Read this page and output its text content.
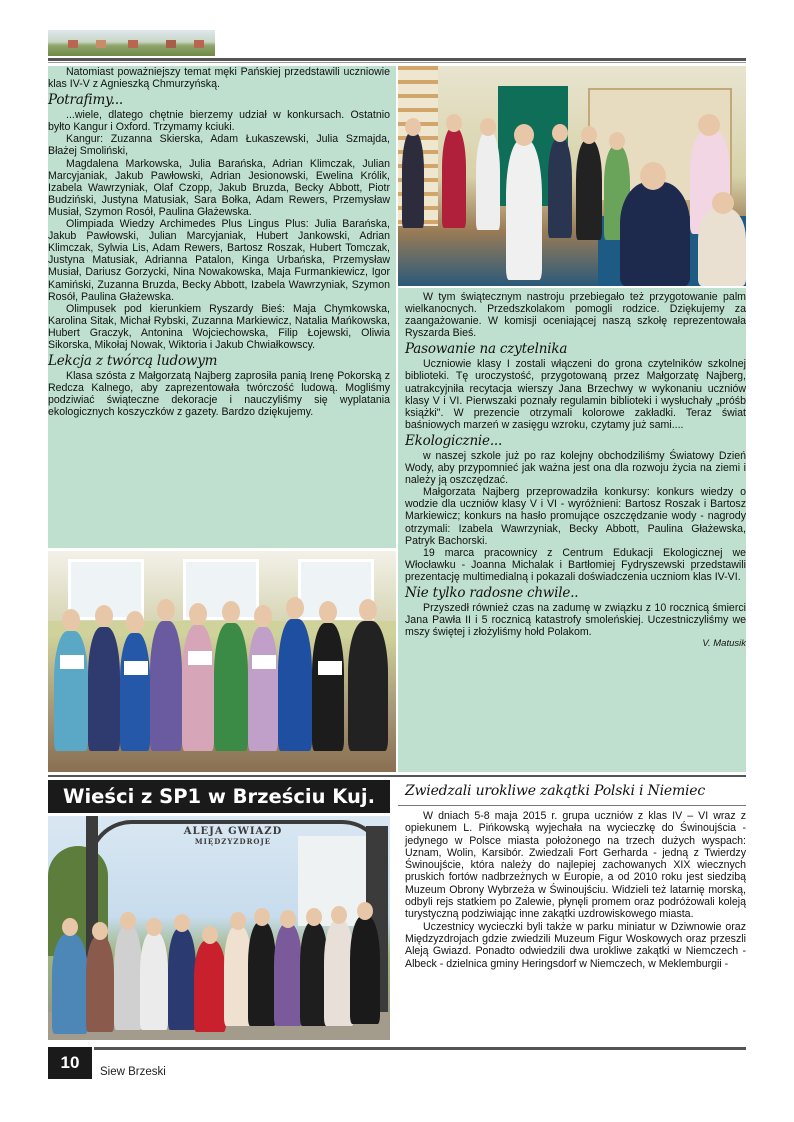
Natomiast poważniejszy temat męki Pańskiej przedstawili uczniowie klas IV-V z Agnieszką Chmurzyńską.

Potrafimy...

...wiele, dlatego chętnie bierzemy udział w konkursach. Ostatnio byłto Kangur i Oxford. Trzymamy kciuki.

Kangur: Zuzanna Skierska, Adam Łukaszewski, Julia Szmajda, Błażej Smoliński,

Magdalena Markowska, Julia Barańska, Adrian Klimczak, Julian Marcyjaniak, Jakub Pawłowski, Adrian Jesionowski, Ewelina Królik, Izabela Wawrzyniak, Olaf Czopp, Jakub Bruzda, Becky Abbott, Piotr Budziński, Justyna Matusiak, Sara Bołka, Adam Rewers, Przemysław Musiał, Szymon Rosół, Paulina Głażewska.

Olimpiada Wiedzy Archimedes Plus Lingus Plus: Julia Barańska, Jakub Pawłowski, Julian Marcyjaniak, Hubert Jankowski, Adrian Klimczak, Sylwia Lis, Adam Rewers, Bartosz Roszak, Hubert Tomczak, Justyna Matusiak, Adrianna Patalon, Kinga Urbańska, Przemysław Musiał, Dariusz Gorzycki, Nina Nowakowska, Maja Furmankiewicz, Igor Kamiński, Zuzanna Bruzda, Becky Abbott, Izabela Wawrzyniak, Szymon Rosół, Paulina Głażewska.

Olimpusek pod kierunkiem Ryszardy Bieś: Maja Chymkowska, Karolina Sitak, Michał Rybski, Zuzanna Markiewicz, Natalia Mańkowska, Hubert Graczyk, Antonina Wojciechowska, Filip Łojewski, Oliwia Sikorska, Mikołaj Nowak, Wiktoria i Jakub Chwiałkowscy.

Lekcja z twórcą ludowym

Klasa szósta z Małgorzatą Najberg zaprosiła panią Irenę Pokorską z Redcza Kalnego, aby zaprezentowała twórczość ludową. Mogliśmy podziwiać świąteczne dekoracje i nauczyliśmy się wyplatania ekologicznych koszyczków z gazety. Bardzo dziękujemy.

W tym świątecznym nastroju przebiegało też przygotowanie palm wielkanocnych. Przedszkolakom pomogli rodzice. Dziękujemy za zaangażowanie. W komisji oceniającej naszą szkołę reprezentowała Ryszarda Bieś.

Pasowanie na czytelnika

Uczniowie klasy I zostali włączeni do grona czytelników szkolnej biblioteki. Tę uroczystość, przygotowaną przez Małgorzatę Najberg, uatrakcyjniła recytacja wierszy Jana Brzechwy w wykonaniu uczniów klasy V i VI. Pierwszaki poznały regulamin biblioteki i wysłuchały „próśb książki". W prezencie otrzymali kolorowe zakładki. Teraz świat baśniowych marzeń w zasięgu wzroku, czytamy już sami....

Ekologicznie...

w naszej szkole już po raz kolejny obchodziliśmy Światowy Dzień Wody, aby przypomnieć jak ważna jest ona dla rozwoju życia na ziemi i należy ją oszczędzać.

Małgorzata Najberg przeprowadziła konkursy: konkurs wiedzy o wodzie dla uczniów klasy V i VI - wyróżnieni: Bartosz Roszak i Bartosz Markiewicz; konkurs na hasło promujące oszczędzanie wody - nagrody otrzymali: Izabela Wawrzyniak, Becky Abbott, Paulina Głażewska, Patryk Bachorski.

19 marca pracownicy z Centrum Edukacji Ekologicznej we Włocławku - Joanna Michalak i Bartłomiej Fydryszewski przedstawili prezentację multimedialną i pokazali doświadczenia uczniom klas IV-VI.

Nie tylko radosne chwile..

Przyszedł również czas na zadumę w związku z 10 rocznicą śmierci Jana Pawła II i 5 rocznicą katastrofy smoleńskiej. Uczestniczyliśmy we mszy świętej i złożyliśmy hołd Polakom.

V. Matusik
Wieści z SP1 w Brześciu Kuj.
ALEJA GWIAZD
MIĘDZYZDROJE
Zwiedzali urokliwe zakątki Polski i Niemiec

W dniach 5-8 maja 2015 r. grupa uczniów z klas IV – VI wraz z opiekunem L. Pińkowską wyjechała na wycieczkę do Świnoujścia - jedynego w Polsce miasta położonego na trzech dużych wyspach: Uznam, Wolin, Karsibór. Zwiedzali Fort Gerharda - jedną z Twierdzy Świnoujście, która należy do najlepiej zachowanych XIX wiecznych pruskich fortów nadbrzeżnych w Europie, a od 2010 roku jest siedzibą Muzeum Obrony Wybrzeża w Świnoujściu. Widzieli też latarnię morską, odbyli rejs statkiem po Zalewie, płynęli promem oraz podróżowali koleją turystyczną podziwiając inne zakątki uzdrowiskowego miasta.

Uczestnicy wycieczki byli także w parku miniatur w Dziwnowie oraz Międzyzdrojach gdzie zwiedzili Muzeum Figur Woskowych oraz przeszli Aleją Gwiazd. Ponadto odwiedzili dwa urokliwe zakątki w Niemczech - Albeck - dzielnica gminy Heringsdorf w Niemczech, w Meklemburgii -

10	Siew Brzeski
